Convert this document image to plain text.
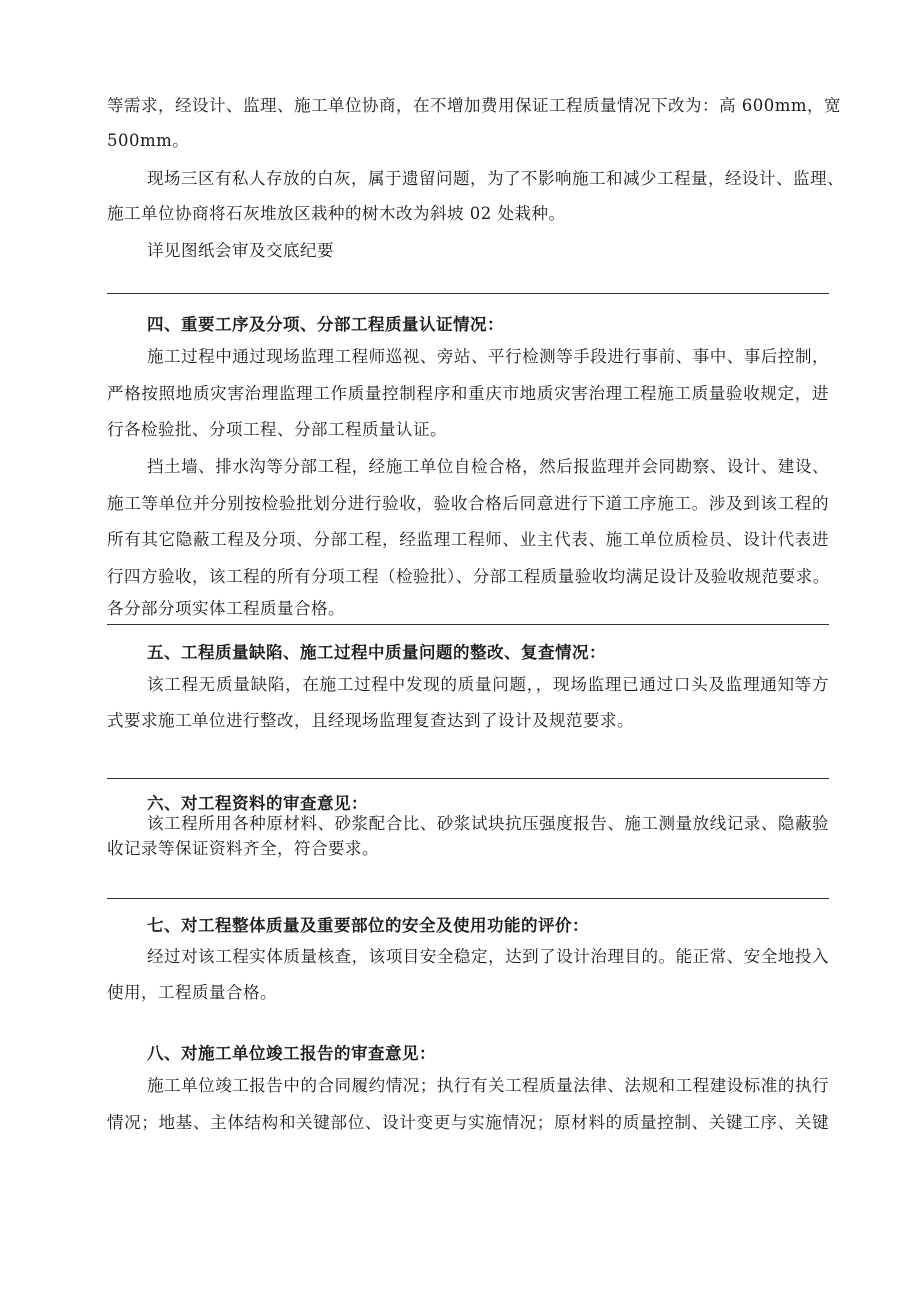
等需求，经设计、监理、施工单位协商，在不增加费用保证工程质量情况下改为：高 600mm，宽
500mm。
现场三区有私人存放的白灰，属于遗留问题，为了不影响施工和减少工程量，经设计、监理、
施工单位协商将石灰堆放区栽种的树木改为斜坡 02 处栽种。
详见图纸会审及交底纪要
四、重要工序及分项、分部工程质量认证情况：
施工过程中通过现场监理工程师巡视、旁站、平行检测等手段进行事前、事中、事后控制，
严格按照地质灾害治理监理工作质量控制程序和重庆市地质灾害治理工程施工质量验收规定，进
行各检验批、分项工程、分部工程质量认证。
挡土墙、排水沟等分部工程，经施工单位自检合格，然后报监理并会同勘察、设计、建设、
施工等单位并分别按检验批划分进行验收，验收合格后同意进行下道工序施工。涉及到该工程的
所有其它隐蔽工程及分项、分部工程，经监理工程师、业主代表、施工单位质检员、设计代表进
行四方验收，该工程的所有分项工程（检验批）、分部工程质量验收均满足设计及验收规范要求。
各分部分项实体工程质量合格。
五、工程质量缺陷、施工过程中质量问题的整改、复查情况：
该工程无质量缺陷，在施工过程中发现的质量问题，，现场监理已通过口头及监理通知等方
式要求施工单位进行整改，且经现场监理复查达到了设计及规范要求。
六、对工程资料的审查意见：
该工程所用各种原材料、砂浆配合比、砂浆试块抗压强度报告、施工测量放线记录、隐蔽验
收记录等保证资料齐全，符合要求。
七、对工程整体质量及重要部位的安全及使用功能的评价：
经过对该工程实体质量核查，该项目安全稳定，达到了设计治理目的。能正常、安全地投入
使用，工程质量合格。
八、对施工单位竣工报告的审查意见：
施工单位竣工报告中的合同履约情况；执行有关工程质量法律、法规和工程建设标准的执行
情况；地基、主体结构和关键部位、设计变更与实施情况；原材料的质量控制、关键工序、关键
